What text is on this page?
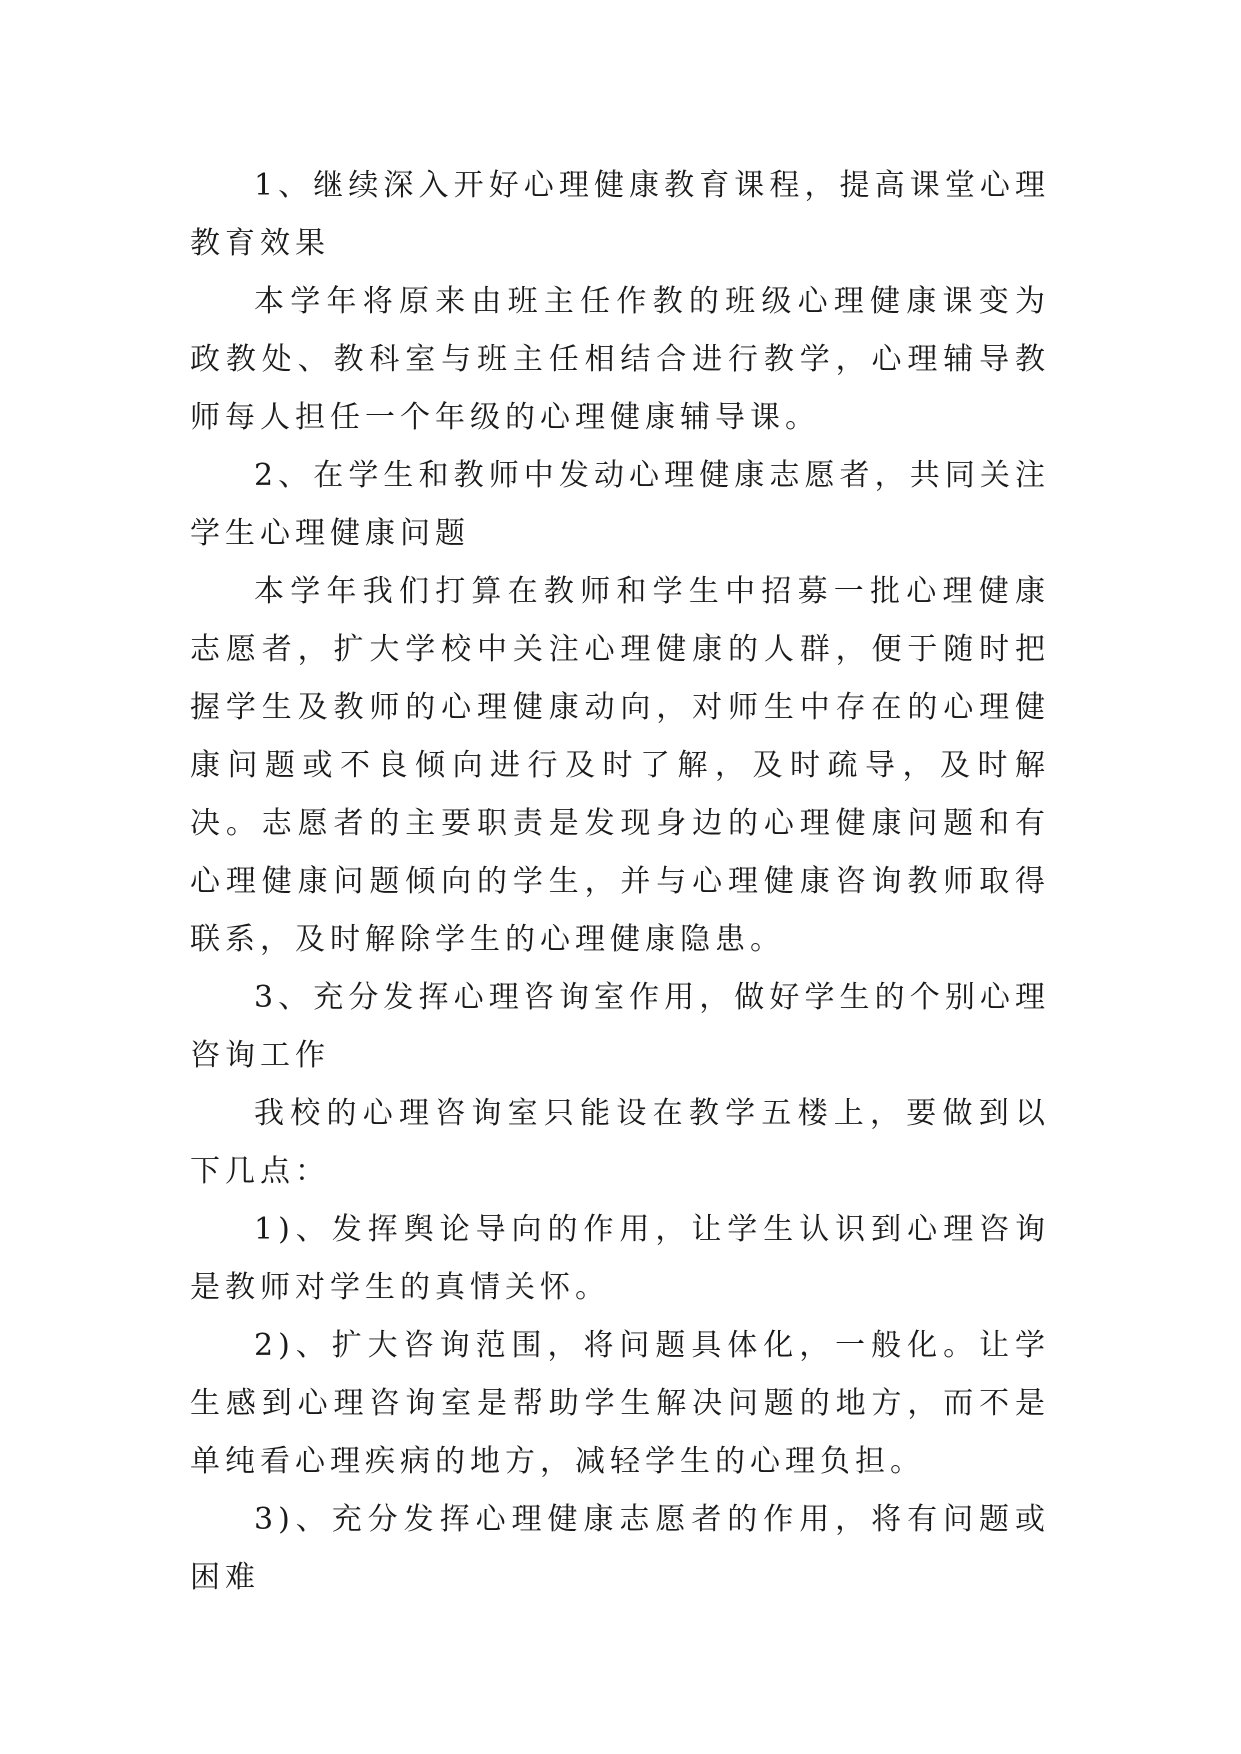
1、继续深入开好心理健康教育课程，提高课堂心理教育效果

本学年将原来由班主任作教的班级心理健康课变为政教处、教科室与班主任相结合进行教学，心理辅导教师每人担任一个年级的心理健康辅导课。

2、在学生和教师中发动心理健康志愿者，共同关注学生心理健康问题

本学年我们打算在教师和学生中招募一批心理健康志愿者，扩大学校中关注心理健康的人群，便于随时把握学生及教师的心理健康动向，对师生中存在的心理健康问题或不良倾向进行及时了解，及时疏导，及时解决。志愿者的主要职责是发现身边的心理健康问题和有心理健康问题倾向的学生，并与心理健康咨询教师取得联系，及时解除学生的心理健康隐患。

3、充分发挥心理咨询室作用，做好学生的个别心理咨询工作

我校的心理咨询室只能设在教学五楼上，要做到以下几点：

1)、发挥舆论导向的作用，让学生认识到心理咨询是教师对学生的真情关怀。

2)、扩大咨询范围，将问题具体化，一般化。让学生感到心理咨询室是帮助学生解决问题的地方，而不是单纯看心理疾病的地方，减轻学生的心理负担。

3)、充分发挥心理健康志愿者的作用，将有问题或困难
